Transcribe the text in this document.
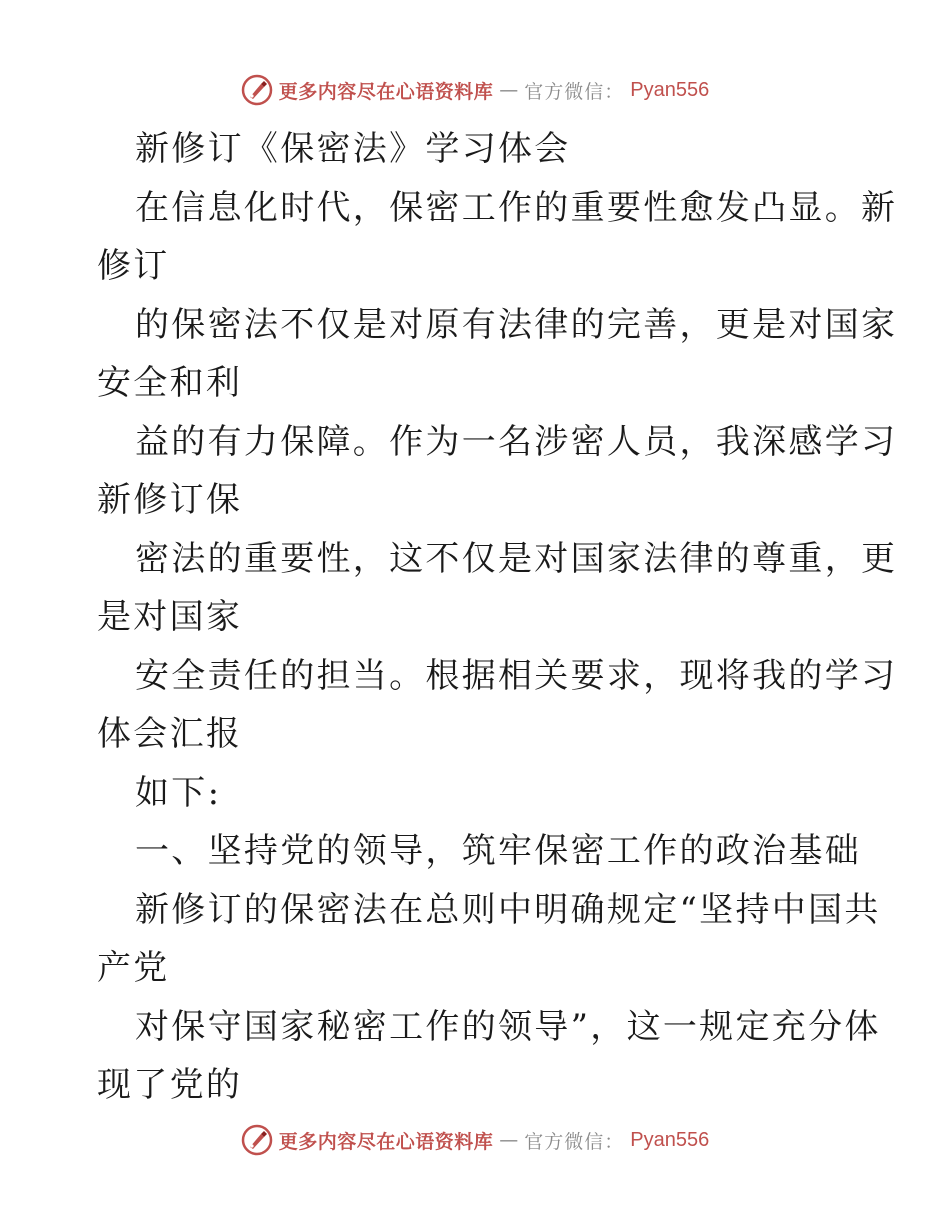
更多内容尽在心语资料库 — 官方微信： Pyan556
新修订《保密法》学习体会
在信息化时代，保密工作的重要性愈发凸显。新
修订
的保密法不仅是对原有法律的完善，更是对国家
安全和利
益的有力保障。作为一名涉密人员，我深感学习
新修订保
密法的重要性，这不仅是对国家法律的尊重，更
是对国家
安全责任的担当。根据相关要求，现将我的学习
体会汇报
如下:
一、坚持党的领导，筑牢保密工作的政治基础
新修订的保密法在总则中明确规定“坚持中国共
产党
对保守国家秘密工作的领导”，这一规定充分体
现了党的
更多内容尽在心语资料库 — 官方微信： Pyan556
